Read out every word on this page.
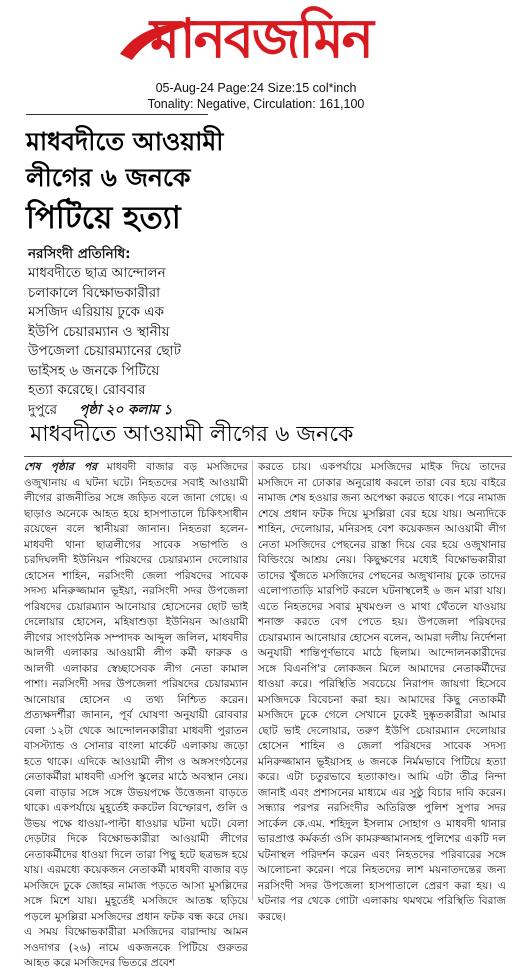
মানবজমিন
05-Aug-24 Page:24 Size:15 col*inch
Tonality: Negative, Circulation: 161,100
মাধবদীতে আওয়ামী
লীগের ৬ জনকে
পিটিয়ে হত্যা
নরসিংদী প্রতিনিধি:
মাধবদীতে ছাত্র আন্দোলন
চলাকালে বিক্ষোভকারীরা
মসজিদ এরিয়ায় ঢুকে এক
ইউপি চেয়ারম্যান ও স্থানীয়
উপজেলা চেয়ারম্যানের ছোট
ভাইসহ ৬ জনকে পিটিয়ে
হত্যা করেছে। রোববার
দুপুরে পৃষ্ঠা ২০ কলাম ১
মাধবদীতে আওয়ামী লীগের ৬ জনকে
শেষ পৃষ্ঠার পর মাধবদী বাজার বড় মসজিদের ওজুখানায় এ ঘটনা ঘটে। নিহতদের সবাই আওয়ামী লীগের রাজনীতির সঙ্গে জড়িত বলে জানা গেছে। এ ছাড়াও অনেকে আহত হয়ে হাসপাতালে চিকিৎসাধীন রয়েছেন বলে স্থানীয়রা জানান। নিহতরা হলেন- মাধবদী থানা ছাত্রলীগের সাবেক সভাপতি ও চরদিঘলদী ইউনিয়ন পরিষদের চেয়ারম্যান দেলোয়ার হোসেন শাহিন, নরসিংদী জেলা পরিষদের সাবেক সদস্য মনিরুজ্জামান ভূইয়া, নরসিংদী সদর উপজেলা পরিষদের চেয়ারম্যান আনোয়ার হোসেনের ছোট ভাই দেলোয়ার হোসেন, মহিষাশুড়া ইউনিয়ন আওয়ামী লীগের সাংগঠনিক সম্পাদক আব্দুল জলিল, মাধবদীর আলগী এলাকার আওয়ামী লীগ কর্মী ফারুক ও আলগী এলাকার স্বেচ্ছাসেবক লীগ নেতা কামাল পাশা। নরসিংদী সদর উপজেলা পরিষদের চেয়ারম্যান আনোয়ার হোসেন এ তথ্য নিশ্চিত করেন। প্রত্যক্ষদর্শীরা জানান, পূর্ব ঘোষণা অনুযায়ী রোববার বেলা ১২টা থেকে আন্দোলনকারীরা মাধবদী পুরাতন বাসস্ট্যান্ড ও সোনার বাংলা মার্কেট এলাকায় জড়ো হতে থাকে। এদিকে আওয়ামী লীগ ও অঙ্গসংগঠনের নেতাকর্মীরা মাধবদী এসপি স্কুলের মাঠে অবস্থান নেয়। বেলা বাড়ার সঙ্গে সঙ্গে উভয়পক্ষে উত্তেজনা বাড়তে থাকে। একপর্যায়ে মুহূর্তেই ককটেল বিস্ফোরণ, গুলি ও উভয় পক্ষে ধাওয়া-পাল্টা ধাওয়ার ঘটনা ঘটে। বেলা দেড়টার দিকে বিক্ষোভকারীরা আওয়ামী লীগের নেতাকর্মীদের ধাওয়া দিলে তারা পিছু হটে ছত্রভঙ্গ হয়ে যায়। এরমধ্যে কয়েকজন নেতাকর্মী মাধবদী বাজার বড় মসজিদে ঢুকে জোহর নামাজ পড়তে আসা মুসল্লিদের সঙ্গে মিশে যায়। মুহূর্তেই মসজিদে আতঙ্ক ছড়িয়ে পড়লে মুসল্লিরা মসজিদের প্রধান ফটক বন্ধ করে দেয়। এ সময় বিক্ষোভকারীরা মসজিদের বারান্দায় আমন সওদাগর (২৬) নামে একজনকে পিটিয়ে গুরুতর আহত করে মসজিদের ভিতরে প্রবেশ
করতে চায়। একপর্যায়ে মসজিদের মাইক দিয়ে তাদের মসজিদে না ঢোকার অনুরোধ করলে তারা বের হয়ে বাইরে নামাজ শেষ হওয়ার জন্য অপেক্ষা করতে থাকে। পরে নামাজ শেষে প্রধান ফটক দিয়ে মুসল্লিরা বের হয়ে যায়। অন্যদিকে শাহিন, দেলোয়ার, মনিরসহ বেশ কয়েকজন আওয়ামী লীগ নেতা মসজিদের পেছনের রাস্তা দিয়ে বের হয়ে ওজুখানার বিল্ডিংয়ে আশ্রয় নেয়। কিছুক্ষণের মধ্যেই বিক্ষোভকারীরা তাদের খুঁজতে মসজিদের পেছনের অজুখানায় ঢুকে তাদের এলোপাতাড়ি মারপিট করলে ঘটনাস্থলেই ৬ জন মারা যায়। এতে নিহতদের সবার মুখমণ্ডল ও মাথা থেঁতলে যাওয়ায় শনাক্ত করতে বেগ পেতে হয়। উপজেলা পরিষদের চেয়ারম্যান আনোয়ার হোসেন বলেন, আমরা দলীয় নির্দেশনা অনুযায়ী শান্তিপূর্ণভাবে মাঠে ছিলাম। আন্দোলনকারীদের সঙ্গে বিএনপি'র লোকজন মিলে আমাদের নেতাকর্মীদের ধাওয়া করে। পরিস্থিতি সবচেয়ে নিরাপদ জায়গা হিসেবে মসজিদকে বিবেচনা করা হয়। আমাদের কিছু নেতাকর্মী মসজিদে ঢুকে গেলে সেখানে ঢুকেই দুষ্কৃতকারীরা আমার ছোট ভাই দেলোয়ার, তরুণ ইউপি চেয়ারম্যান দেলোয়ার হোসেন শাহিন ও জেলা পরিষদের সাবেক সদস্য মনিরুজ্জামান ভূইয়াসহ ৬ জনকে নির্মমভাবে পিটিয়ে হত্যা করে। এটা চতুরভাবে হত্যাকাণ্ড। আমি এটা তীব্র নিন্দা জানাই এবং প্রশাসনের মাধ্যমে এর সুষ্ঠু বিচার দাবি করেন। সন্ধ্যার পরপর নরসিংদীর অতিরিক্ত পুলিশ সুপার সদর সার্কেল কে.এম. শহিদুল ইসলাম সোহাগ ও মাধবদী থানার ভারপ্রাপ্ত কর্মকর্তা ওসি কামরুজ্জামানসহ পুলিশের একটি দল ঘটনাস্থল পরিদর্শন করেন এবং নিহতদের পরিবারের সঙ্গে আলোচনা করেন। পরে নিহতদের লাশ ময়নাতদন্তের জন্য নরসিংদী সদর উপজেলা হাসপাতালে প্রেরণ করা হয়। এ ঘটনার পর থেকে গোটা এলাকায় থমথমে পরিস্থিতি বিরাজ করছে।
